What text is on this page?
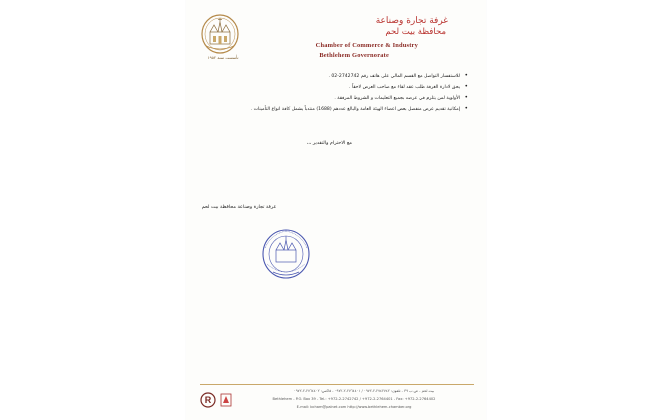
تأسست سنة ١٩٥٢
غرفة تجارة وصناعة
محافظة بيت لحم
Chamber of Commerce & Industry
Bethlehem Governorate
• للاستفسار التواصل مع القسم المالي على هاتف رقم 2742742-02 .
• يحق لادارة الغرفة طلب عقد لقاء مع صاحب العرض لاحقاً .
• الأولوية لمن يتلزم في عرضه بجميع التعليمات و الشروط المرفقة .
• إمكانية تقديم عرض منفصل بعض اعضاء الهيئة العامة والبالغ عددهم (1688) منتدباً يشمل كافة انواع التأمينات .
مع الاحترام والتقدير ،،،
غرفة تجارة وصناعة محافظة بيت لحم
R
بيت لحم - ص.ب ٣٩ - تلفون: ٢٧٤٢٧٤٢-٢-٠٩٧٢ / ٢٧٦٤٤٠١-٢-٠٩٧٢ - فاكس: ٢٧٦٤٤٠٢-٢-٠٩٧٢
Bethlehem - P.O. Box 39 - Tel.: +972-2-2742742 / +972-2-2764401 - Fax: +972-2-2764402
E-mail: bcham@palnet.com http://www.bethlehem-chamber.org
